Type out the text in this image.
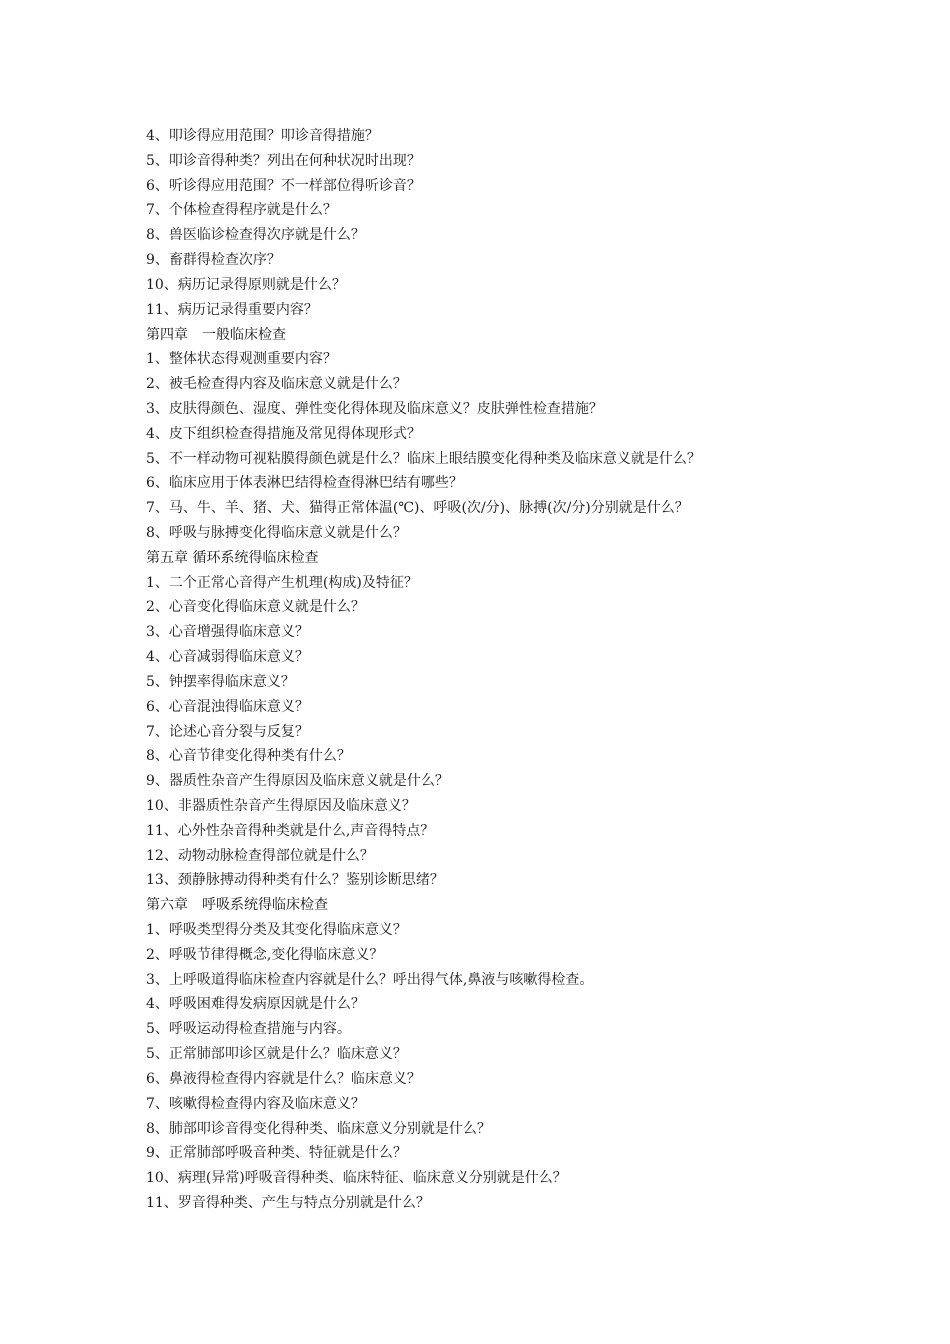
4、叩诊得应用范围？叩诊音得措施？
5、叩诊音得种类？列出在何种状况时出现？
6、听诊得应用范围？不一样部位得听诊音？
7、个体检查得程序就是什么？
8、兽医临诊检查得次序就是什么？
9、畜群得检查次序？
10、病历记录得原则就是什么？
11、病历记录得重要内容？
第四章　一般临床检查
1、整体状态得观测重要内容？
2、被毛检查得内容及临床意义就是什么？
3、皮肤得颜色、湿度、弹性变化得体现及临床意义？皮肤弹性检查措施？
4、皮下组织检查得措施及常见得体现形式？
5、不一样动物可视粘膜得颜色就是什么？临床上眼结膜变化得种类及临床意义就是什么？
6、临床应用于体表淋巴结得检查得淋巴结有哪些？
7、马、牛、羊、猪、犬、猫得正常体温(℃)、呼吸(次/分)、脉搏(次/分)分别就是什么？
8、呼吸与脉搏变化得临床意义就是什么？
第五章 循环系统得临床检查
1、二个正常心音得产生机理(构成)及特征？
2、心音变化得临床意义就是什么？
3、心音增强得临床意义？
4、心音减弱得临床意义？
5、钟摆率得临床意义？
6、心音混浊得临床意义？
7、论述心音分裂与反复？
8、心音节律变化得种类有什么？
9、器质性杂音产生得原因及临床意义就是什么？
10、非器质性杂音产生得原因及临床意义？
11、心外性杂音得种类就是什么,声音得特点？
12、动物动脉检查得部位就是什么？
13、颈静脉搏动得种类有什么？鉴别诊断思绪？
第六章　呼吸系统得临床检查
1、呼吸类型得分类及其变化得临床意义？
2、呼吸节律得概念,变化得临床意义？
3、上呼吸道得临床检查内容就是什么？呼出得气体,鼻液与咳嗽得检查。
4、呼吸困难得发病原因就是什么？
5、呼吸运动得检查措施与内容。
5、正常肺部叩诊区就是什么？临床意义？
6、鼻液得检查得内容就是什么？临床意义？
7、咳嗽得检查得内容及临床意义？
8、肺部叩诊音得变化得种类、临床意义分别就是什么？
9、正常肺部呼吸音种类、特征就是什么？
10、病理(异常)呼吸音得种类、临床特征、临床意义分别就是什么？
11、罗音得种类、产生与特点分别就是什么？
